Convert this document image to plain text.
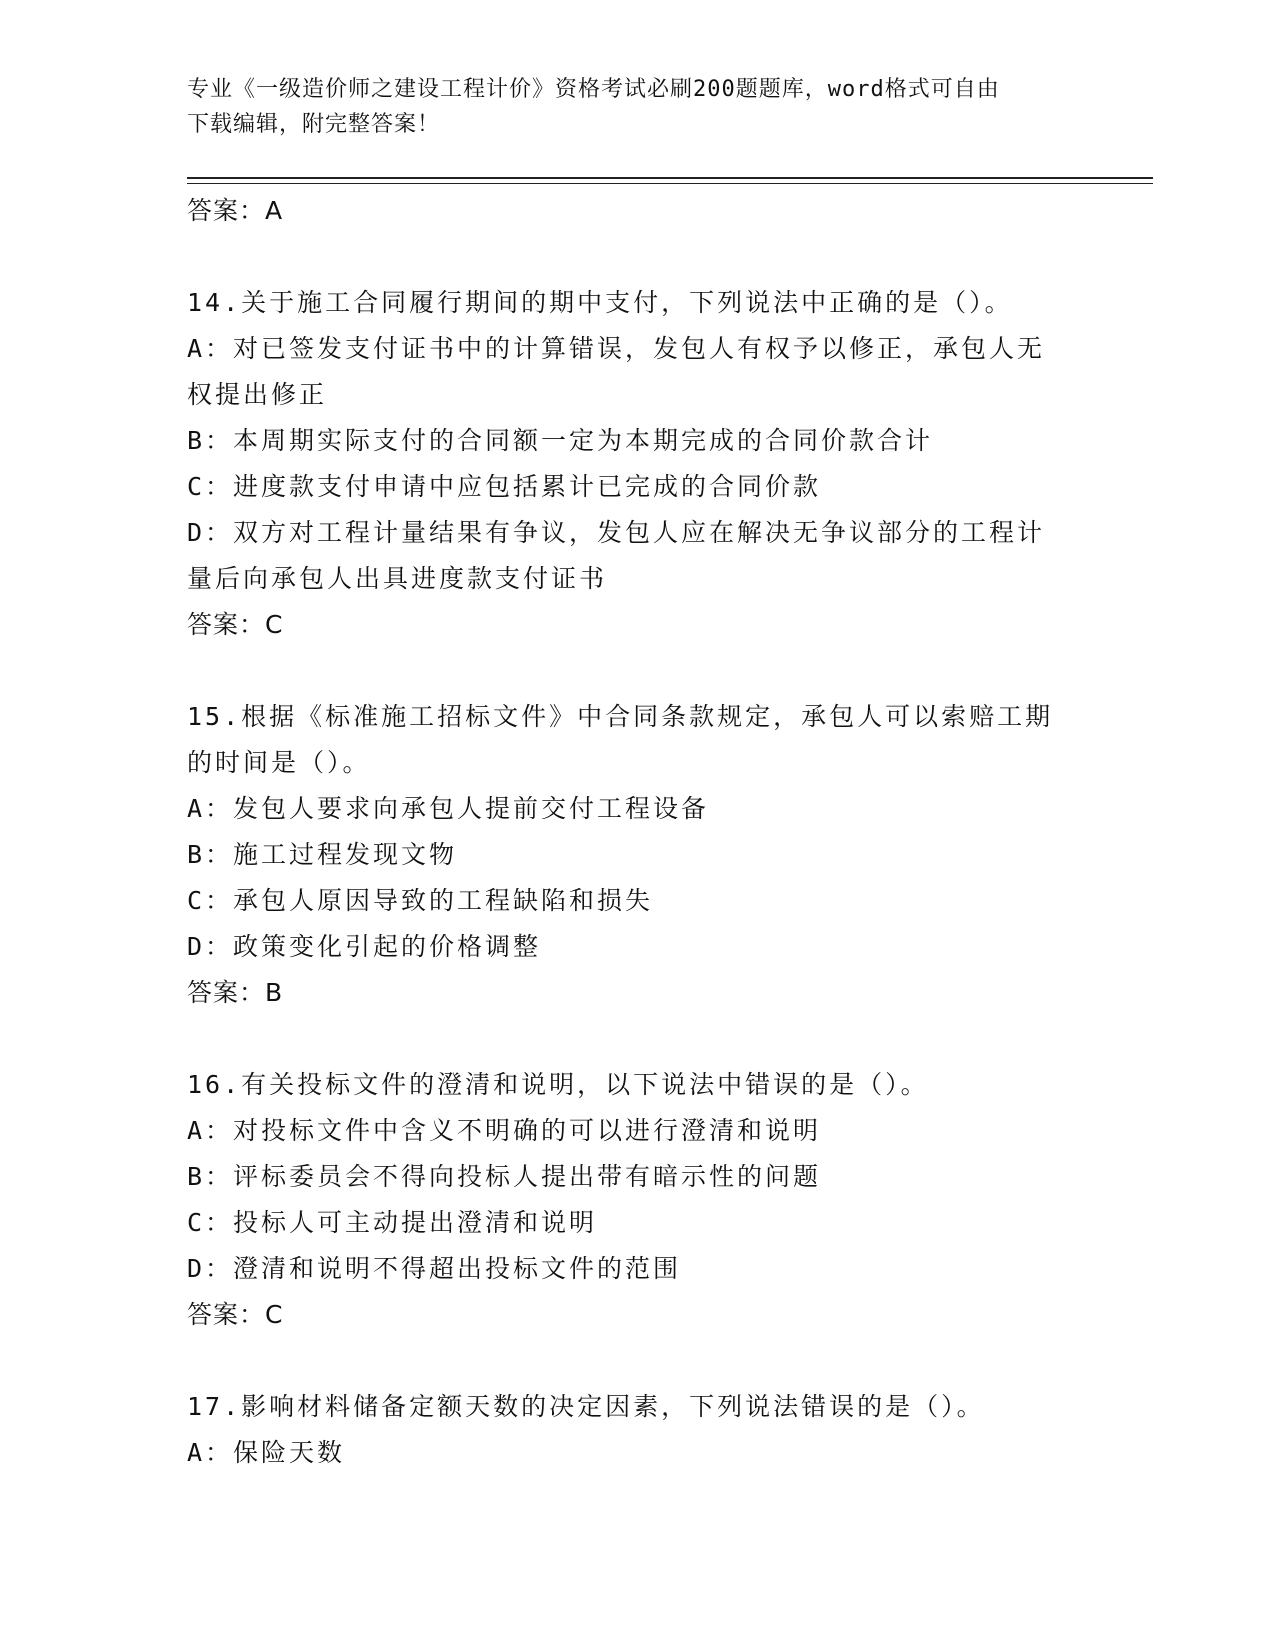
专业《一级造价师之建设工程计价》资格考试必刷200题题库，word格式可自由
下载编辑，附完整答案！
答案：A
14.关于施工合同履行期间的期中支付，下列说法中正确的是（）。
A：对已签发支付证书中的计算错误，发包人有权予以修正，承包人无
权提出修正
B：本周期实际支付的合同额一定为本期完成的合同价款合计
C：进度款支付申请中应包括累计已完成的合同价款
D：双方对工程计量结果有争议，发包人应在解决无争议部分的工程计
量后向承包人出具进度款支付证书
答案：C
15.根据《标准施工招标文件》中合同条款规定，承包人可以索赔工期
的时间是（）。
A：发包人要求向承包人提前交付工程设备
B：施工过程发现文物
C：承包人原因导致的工程缺陷和损失
D：政策变化引起的价格调整
答案：B
16.有关投标文件的澄清和说明，以下说法中错误的是（）。
A：对投标文件中含义不明确的可以进行澄清和说明
B：评标委员会不得向投标人提出带有暗示性的问题
C：投标人可主动提出澄清和说明
D：澄清和说明不得超出投标文件的范围
答案：C
17.影响材料储备定额天数的决定因素，下列说法错误的是（）。
A：保险天数
